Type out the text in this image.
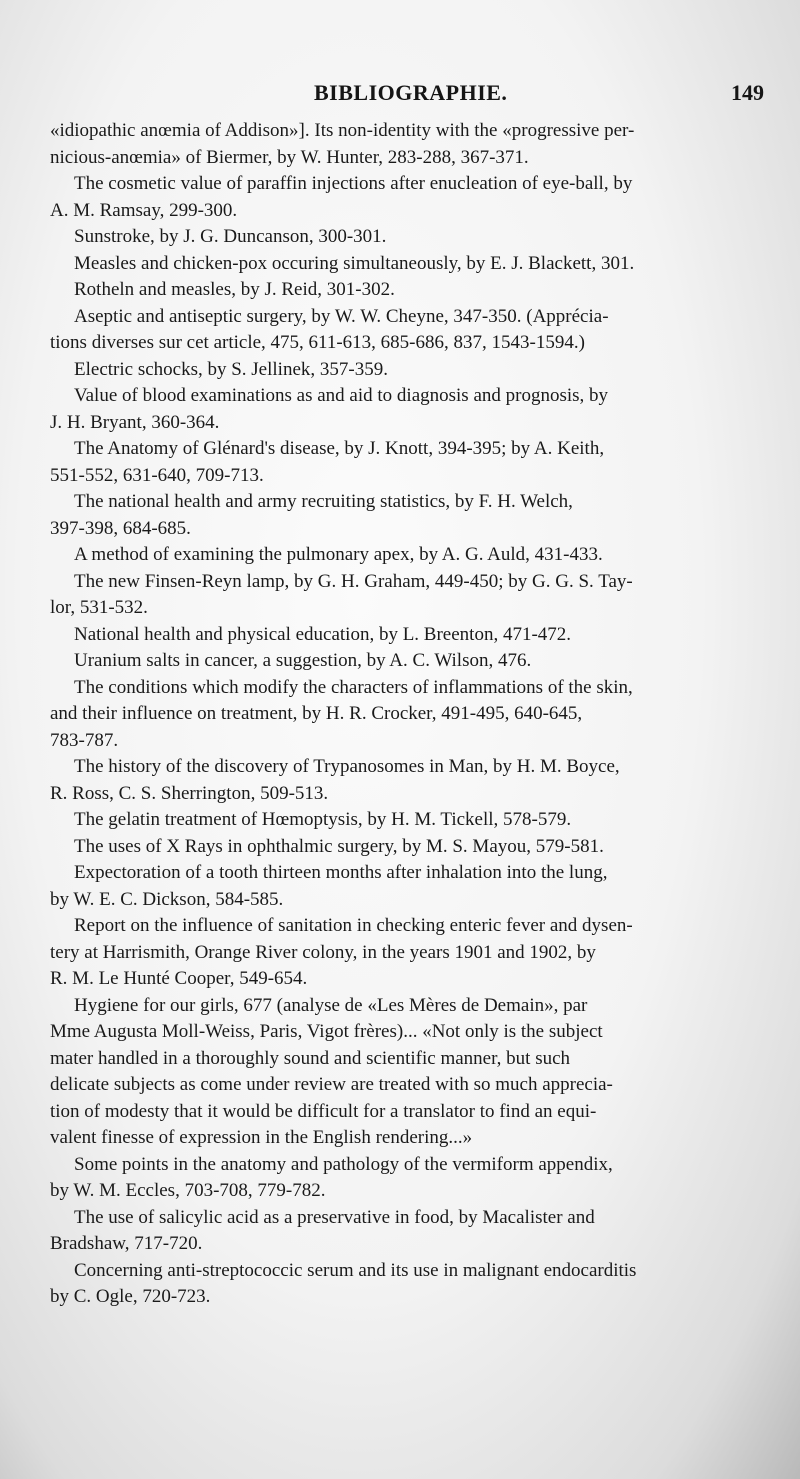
BIBLIOGRAPHIE.	149
«idiopathic anœmia of Addison»]. Its non-identity with the «progressive per-
nicious-anœmia» of Biermer, by W. Hunter, 283-288, 367-371.
The cosmetic value of paraffin injections after enucleation of eye-ball, by
A. M. Ramsay, 299-300.
Sunstroke, by J. G. Duncanson, 300-301.
Measles and chicken-pox occuring simultaneously, by E. J. Blackett, 301.
Rotheln and measles, by J. Reid, 301-302.
Aseptic and antiseptic surgery, by W. W. Cheyne, 347-350. (Apprécia-
tions diverses sur cet article, 475, 611-613, 685-686, 837, 1543-1594.)
Electric schocks, by S. Jellinek, 357-359.
Value of blood examinations as and aid to diagnosis and prognosis, by
J. H. Bryant, 360-364.
The Anatomy of Glénard's disease, by J. Knott, 394-395; by A. Keith,
551-552, 631-640, 709-713.
The national health and army recruiting statistics, by F. H. Welch,
397-398, 684-685.
A method of examining the pulmonary apex, by A. G. Auld, 431-433.
The new Finsen-Reyn lamp, by G. H. Graham, 449-450; by G. G. S. Tay-
lor, 531-532.
National health and physical education, by L. Breenton, 471-472.
Uranium salts in cancer, a suggestion, by A. C. Wilson, 476.
The conditions which modify the characters of inflammations of the skin,
and their influence on treatment, by H. R. Crocker, 491-495, 640-645,
783-787.
The history of the discovery of Trypanosomes in Man, by H. M. Boyce,
R. Ross, C. S. Sherrington, 509-513.
The gelatin treatment of Hœmoptysis, by H. M. Tickell, 578-579.
The uses of X Rays in ophthalmic surgery, by M. S. Mayou, 579-581.
Expectoration of a tooth thirteen months after inhalation into the lung,
by W. E. C. Dickson, 584-585.
Report on the influence of sanitation in checking enteric fever and dysen-
tery at Harrismith, Orange River colony, in the years 1901 and 1902, by
R. M. Le Hunté Cooper, 549-654.
Hygiene for our girls, 677 (analyse de «Les Mères de Demain», par
Mme Augusta Moll-Weiss, Paris, Vigot frères)... «Not only is the subject
mater handled in a thoroughly sound and scientific manner, but such
delicate subjects as come under review are treated with so much apprecia-
tion of modesty that it would be difficult for a translator to find an equi-
valent finesse of expression in the English rendering...»
Some points in the anatomy and pathology of the vermiform appendix,
by W. M. Eccles, 703-708, 779-782.
The use of salicylic acid as a preservative in food, by Macalister and
Bradshaw, 717-720.
Concerning anti-streptococcic serum and its use in malignant endocarditis
by C. Ogle, 720-723.
